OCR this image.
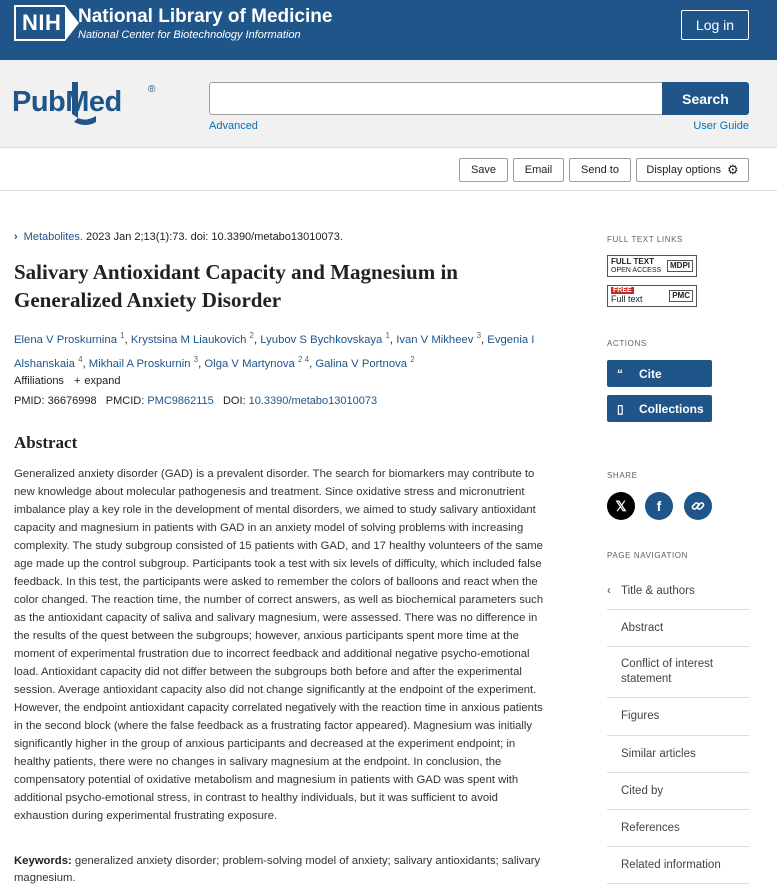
NIH National Library of Medicine
National Center for Biotechnology Information
Log in
PubMed	®
Search
Advanced	User Guide
Save	Email	Send to	Display options ⚙
› Metabolites. 2023 Jan 2;13(1):73. doi: 10.3390/metabo13010073.
Salivary Antioxidant Capacity and Magnesium in Generalized Anxiety Disorder
Elena V Proskurnina $^1$, Krystsina M Liaukovich $^2$, Lyubov S Bychkovskaya $^1$, Ivan V Mikheev $^3$, Evgenia I Alshanskaia $^4$, Mikhail A Proskurnin $^3$, Olga V Martynova $^{2 4}$, Galina V Portnova $^2$
Affiliations + expand
PMID: 36676998 PMCID: PMC9862115 DOI: 10.3390/metabo13010073
Abstract

Generalized anxiety disorder (GAD) is a prevalent disorder. The search for biomarkers may contribute to new knowledge about molecular pathogenesis and treatment. Since oxidative stress and micronutrient imbalance play a key role in the development of mental disorders, we aimed to study salivary antioxidant capacity and magnesium in patients with GAD in an anxiety model of solving problems with increasing complexity. The study subgroup consisted of 15 patients with GAD, and 17 healthy volunteers of the same age made up the control subgroup. Participants took a test with six levels of difficulty, which included false feedback. In this test, the participants were asked to remember the colors of balloons and react when the color changed. The reaction time, the number of correct answers, as well as biochemical parameters such as the antioxidant capacity of saliva and salivary magnesium, were assessed. There was no difference in the results of the quest between the subgroups; however, anxious participants spent more time at the moment of experimental frustration due to incorrect feedback and additional negative psycho-emotional load. Antioxidant capacity did not differ between the subgroups both before and after the experimental session. Average antioxidant capacity also did not change significantly at the endpoint of the experiment. However, the endpoint antioxidant capacity correlated negatively with the reaction time in anxious patients in the second block (where the false feedback as a frustrating factor appeared). Magnesium was initially significantly higher in the group of anxious participants and decreased at the experiment endpoint; in healthy patients, there were no changes in salivary magnesium at the endpoint. In conclusion, the compensatory potential of oxidative metabolism and magnesium in patients with GAD was spent with additional psycho-emotional stress, in contrast to healthy individuals, but it was sufficient to avoid exhaustion during experimental frustrating exposure.

Keywords: generalized anxiety disorder; problem-solving model of anxiety; salivary antioxidants; salivary magnesium.

FULL TEXT LINKS
FULL TEXT
OPEN ACCESS	MDPI
FREE
Full text	PMC
ACTIONS
“	Cite
▯	Collections
SHARE
𝕏	f
PAGE NAVIGATION
‹ Title & authors
Abstract
Conflict of interest statement
Figures
Similar articles
Cited by
References
Related information
